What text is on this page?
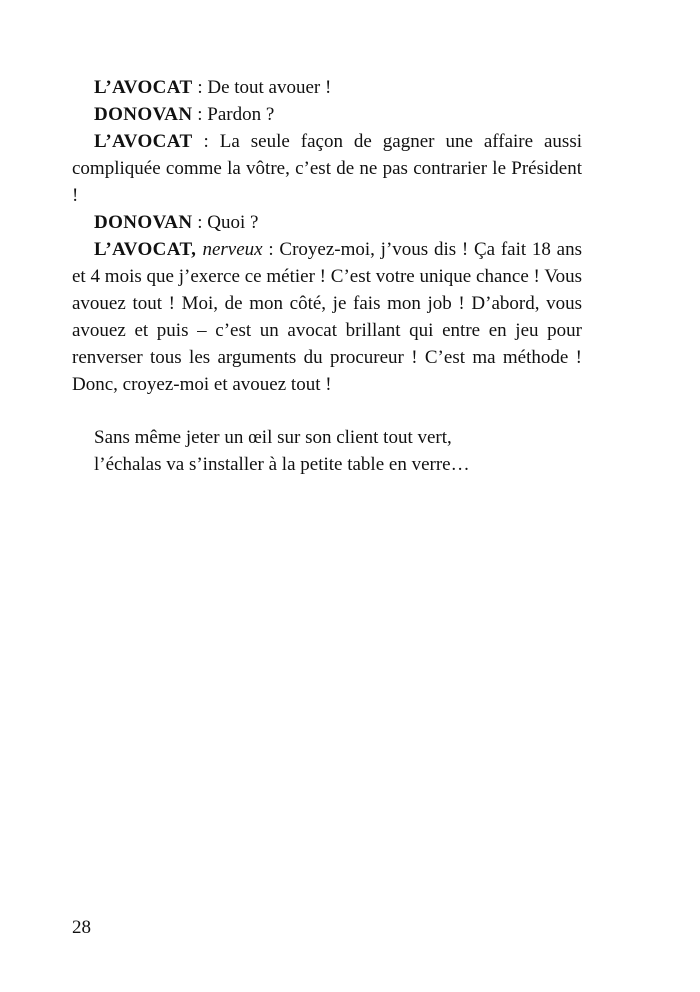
L’AVOCAT : De tout avouer !

DONOVAN : Pardon ?

L’AVOCAT : La seule façon de gagner une affaire aussi compliquée comme la vôtre, c’est de ne pas contrarier le Président !

DONOVAN : Quoi ?

L’AVOCAT, nerveux : Croyez-moi, j’vous dis ! Ça fait 18 ans et 4 mois que j’exerce ce métier ! C’est votre unique chance ! Vous avouez tout ! Moi, de mon côté, je fais mon job ! D’abord, vous avouez et puis – c’est un avocat brillant qui entre en jeu pour renverser tous les arguments du procureur ! C’est ma méthode ! Donc, croyez-moi et avouez tout !

Sans même jeter un œil sur son client tout vert,

l’échalas va s’installer à la petite table en verre…

28
